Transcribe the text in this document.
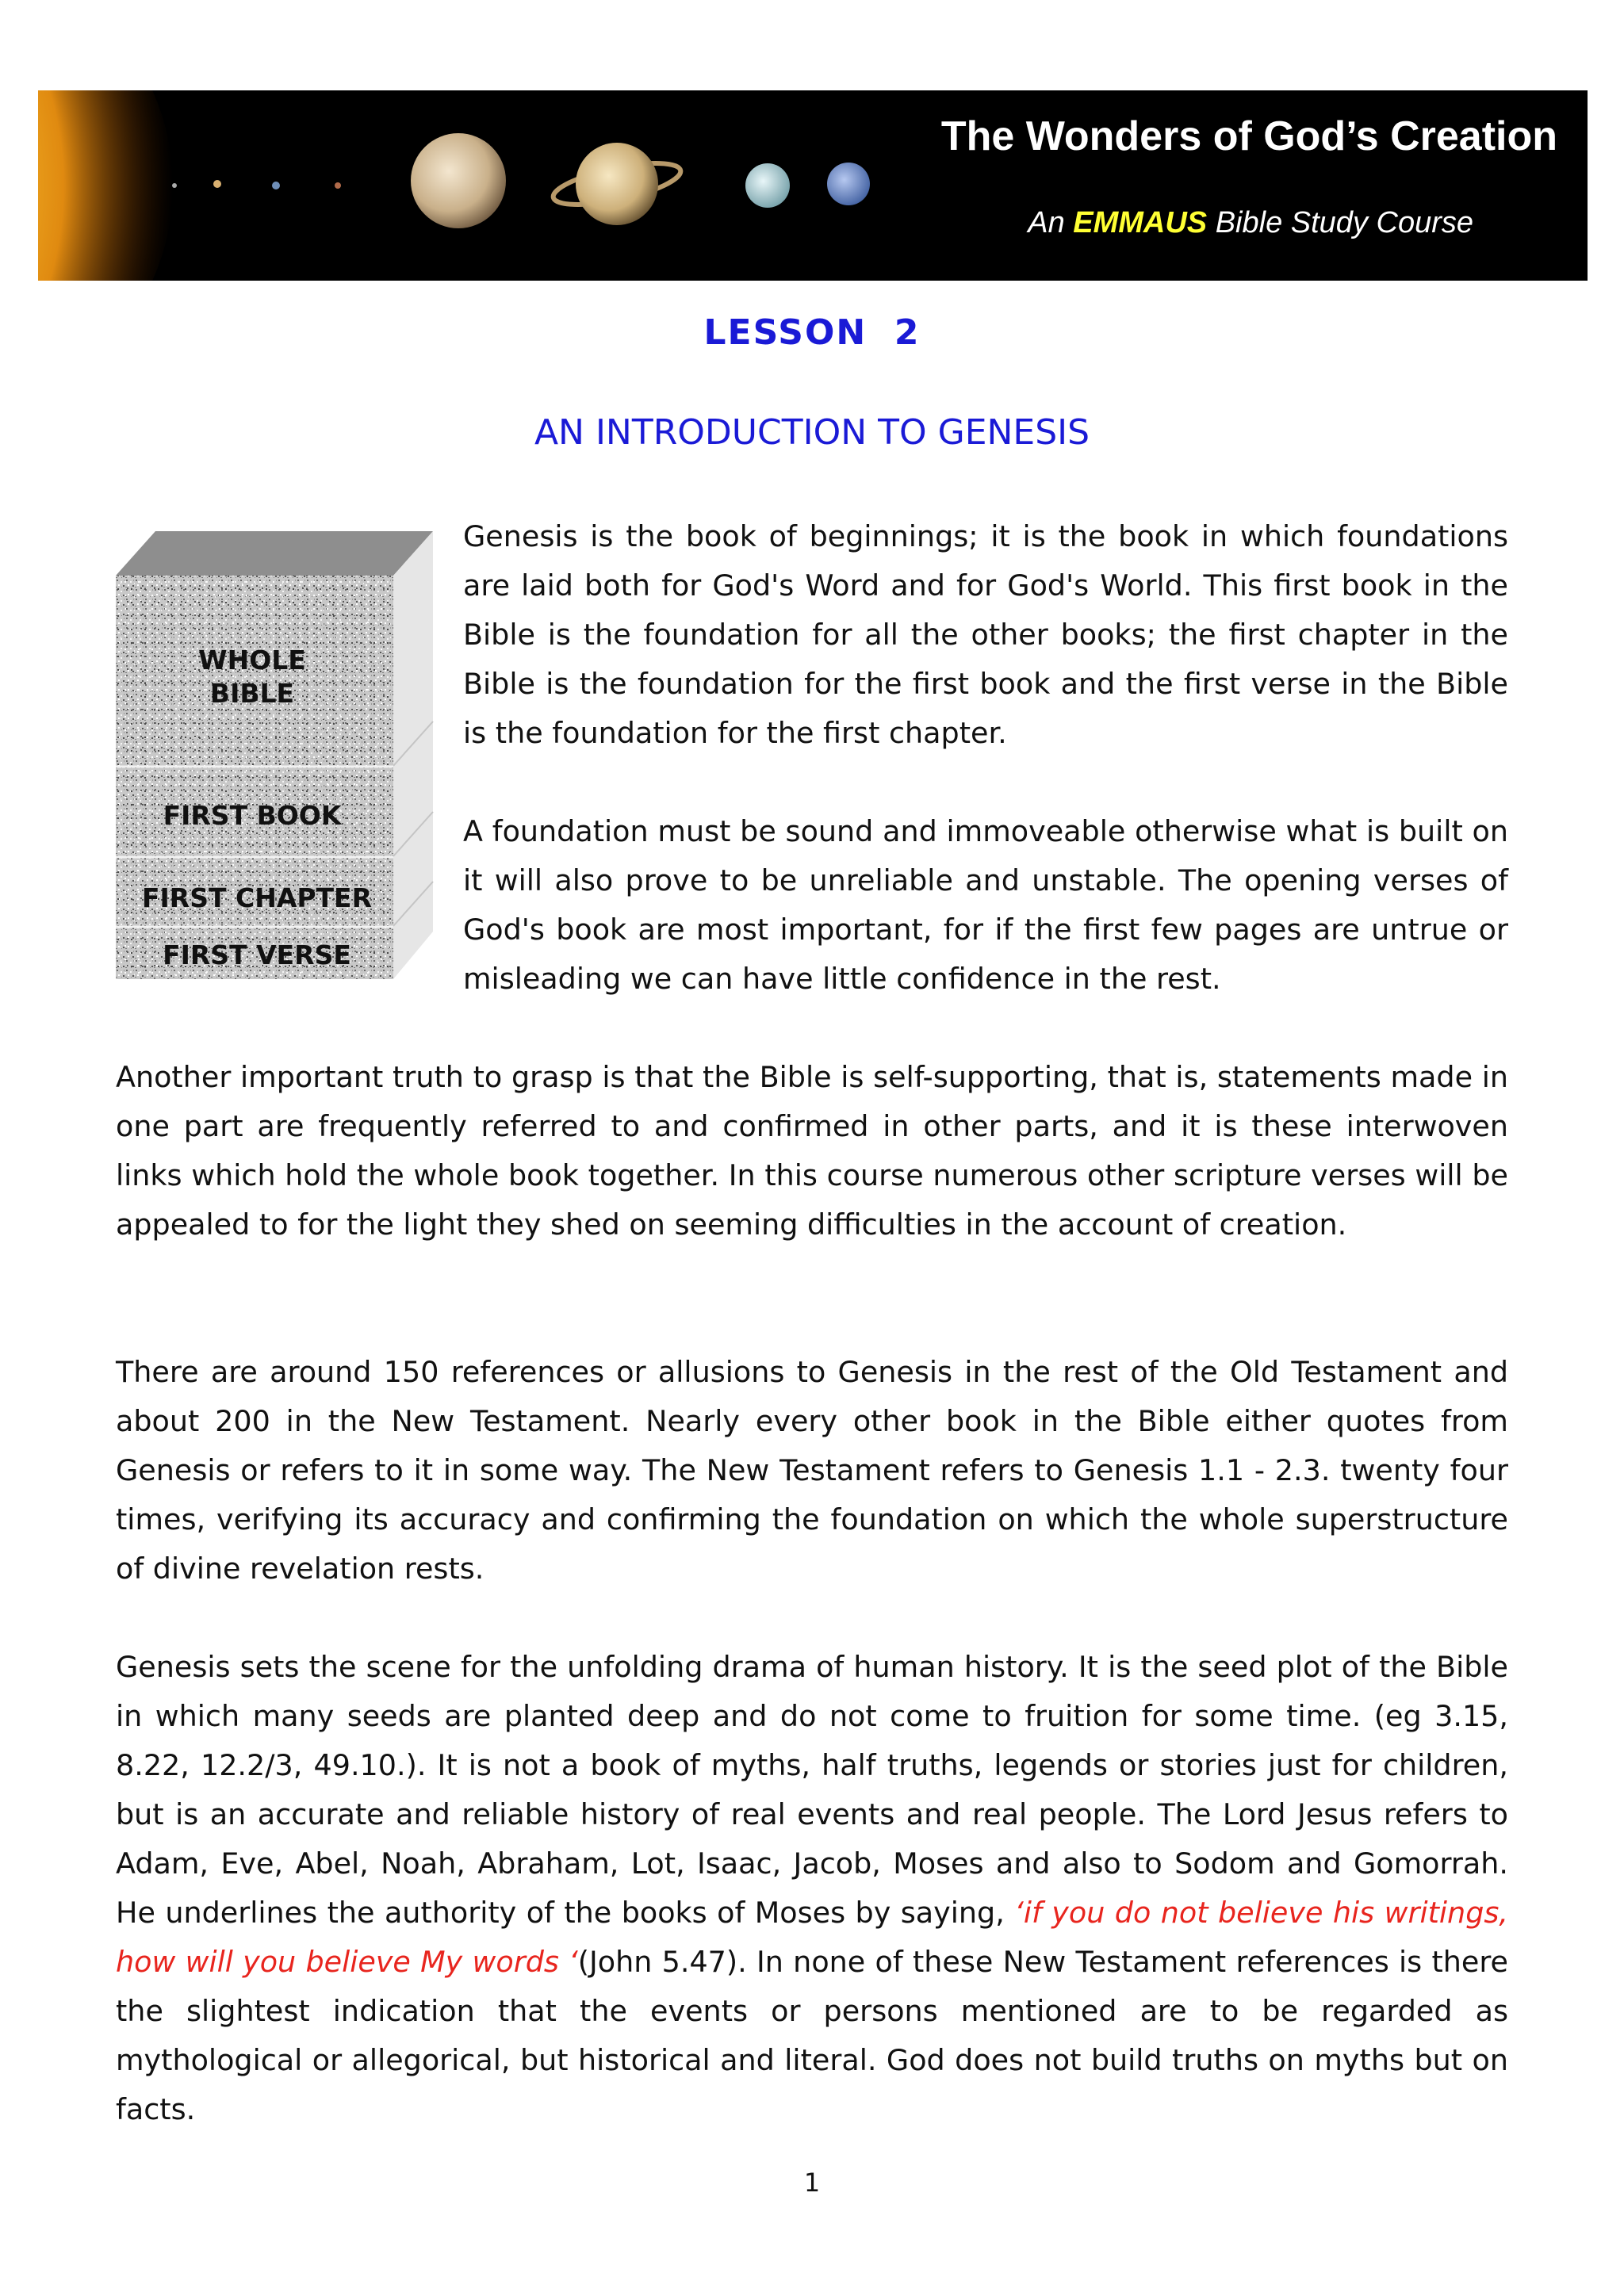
The Wonders of God’s Creation
An EMMAUS Bible Study Course
LESSON  2
AN INTRODUCTION TO GENESIS
WHOLE
BIBLE
FIRST BOOK
FIRST CHAPTER
FIRST VERSE

Genesis is the book of beginnings; it is the book in which foundations are laid both for God's Word and for God's World. This first book in the Bible is the foundation for all the other books; the first chapter in the Bible is the foundation for the first book and the first verse in the Bible is the foundation for the first chapter.

A foundation must be sound and immoveable otherwise what is built on it will also prove to be unreliable and unstable. The opening verses of God's book are most important, for if the first few pages are untrue or misleading we can have little confidence in the rest.

Another important truth to grasp is that the Bible is self-supporting, that is, statements made in one part are frequently referred to and confirmed in other parts, and it is these interwoven links which hold the whole book together. In this course numerous other scripture verses will be appealed to for the light they shed on seeming difficulties in the account of creation.

There are around 150 references or allusions to Genesis in the rest of the Old Testament and about 200 in the New Testament. Nearly every other book in the Bible either quotes from Genesis or refers to it in some way. The New Testament refers to Genesis 1.1 - 2.3. twenty four times, verifying its accuracy and confirming the foundation on which the whole superstructure of divine revelation rests.

Genesis sets the scene for the unfolding drama of human history. It is the seed plot of the Bible in which many seeds are planted deep and do not come to fruition for some time. (eg 3.15, 8.22, 12.2/3, 49.10.). It is not a book of myths, half truths, legends or stories just for children, but is an accurate and reliable history of real events and real people. The Lord Jesus refers to Adam, Eve, Abel, Noah, Abraham, Lot, Isaac, Jacob, Moses and also to Sodom and Gomorrah. He underlines the authority of the books of Moses by saying, ‘if you do not believe his writings, how will you believe My words ‘(John 5.47). In none of these New Testament references is there the slightest indication that the events or persons mentioned are to be regarded as mythological or allegorical, but historical and literal. God does not build truths on myths but on facts.

1
